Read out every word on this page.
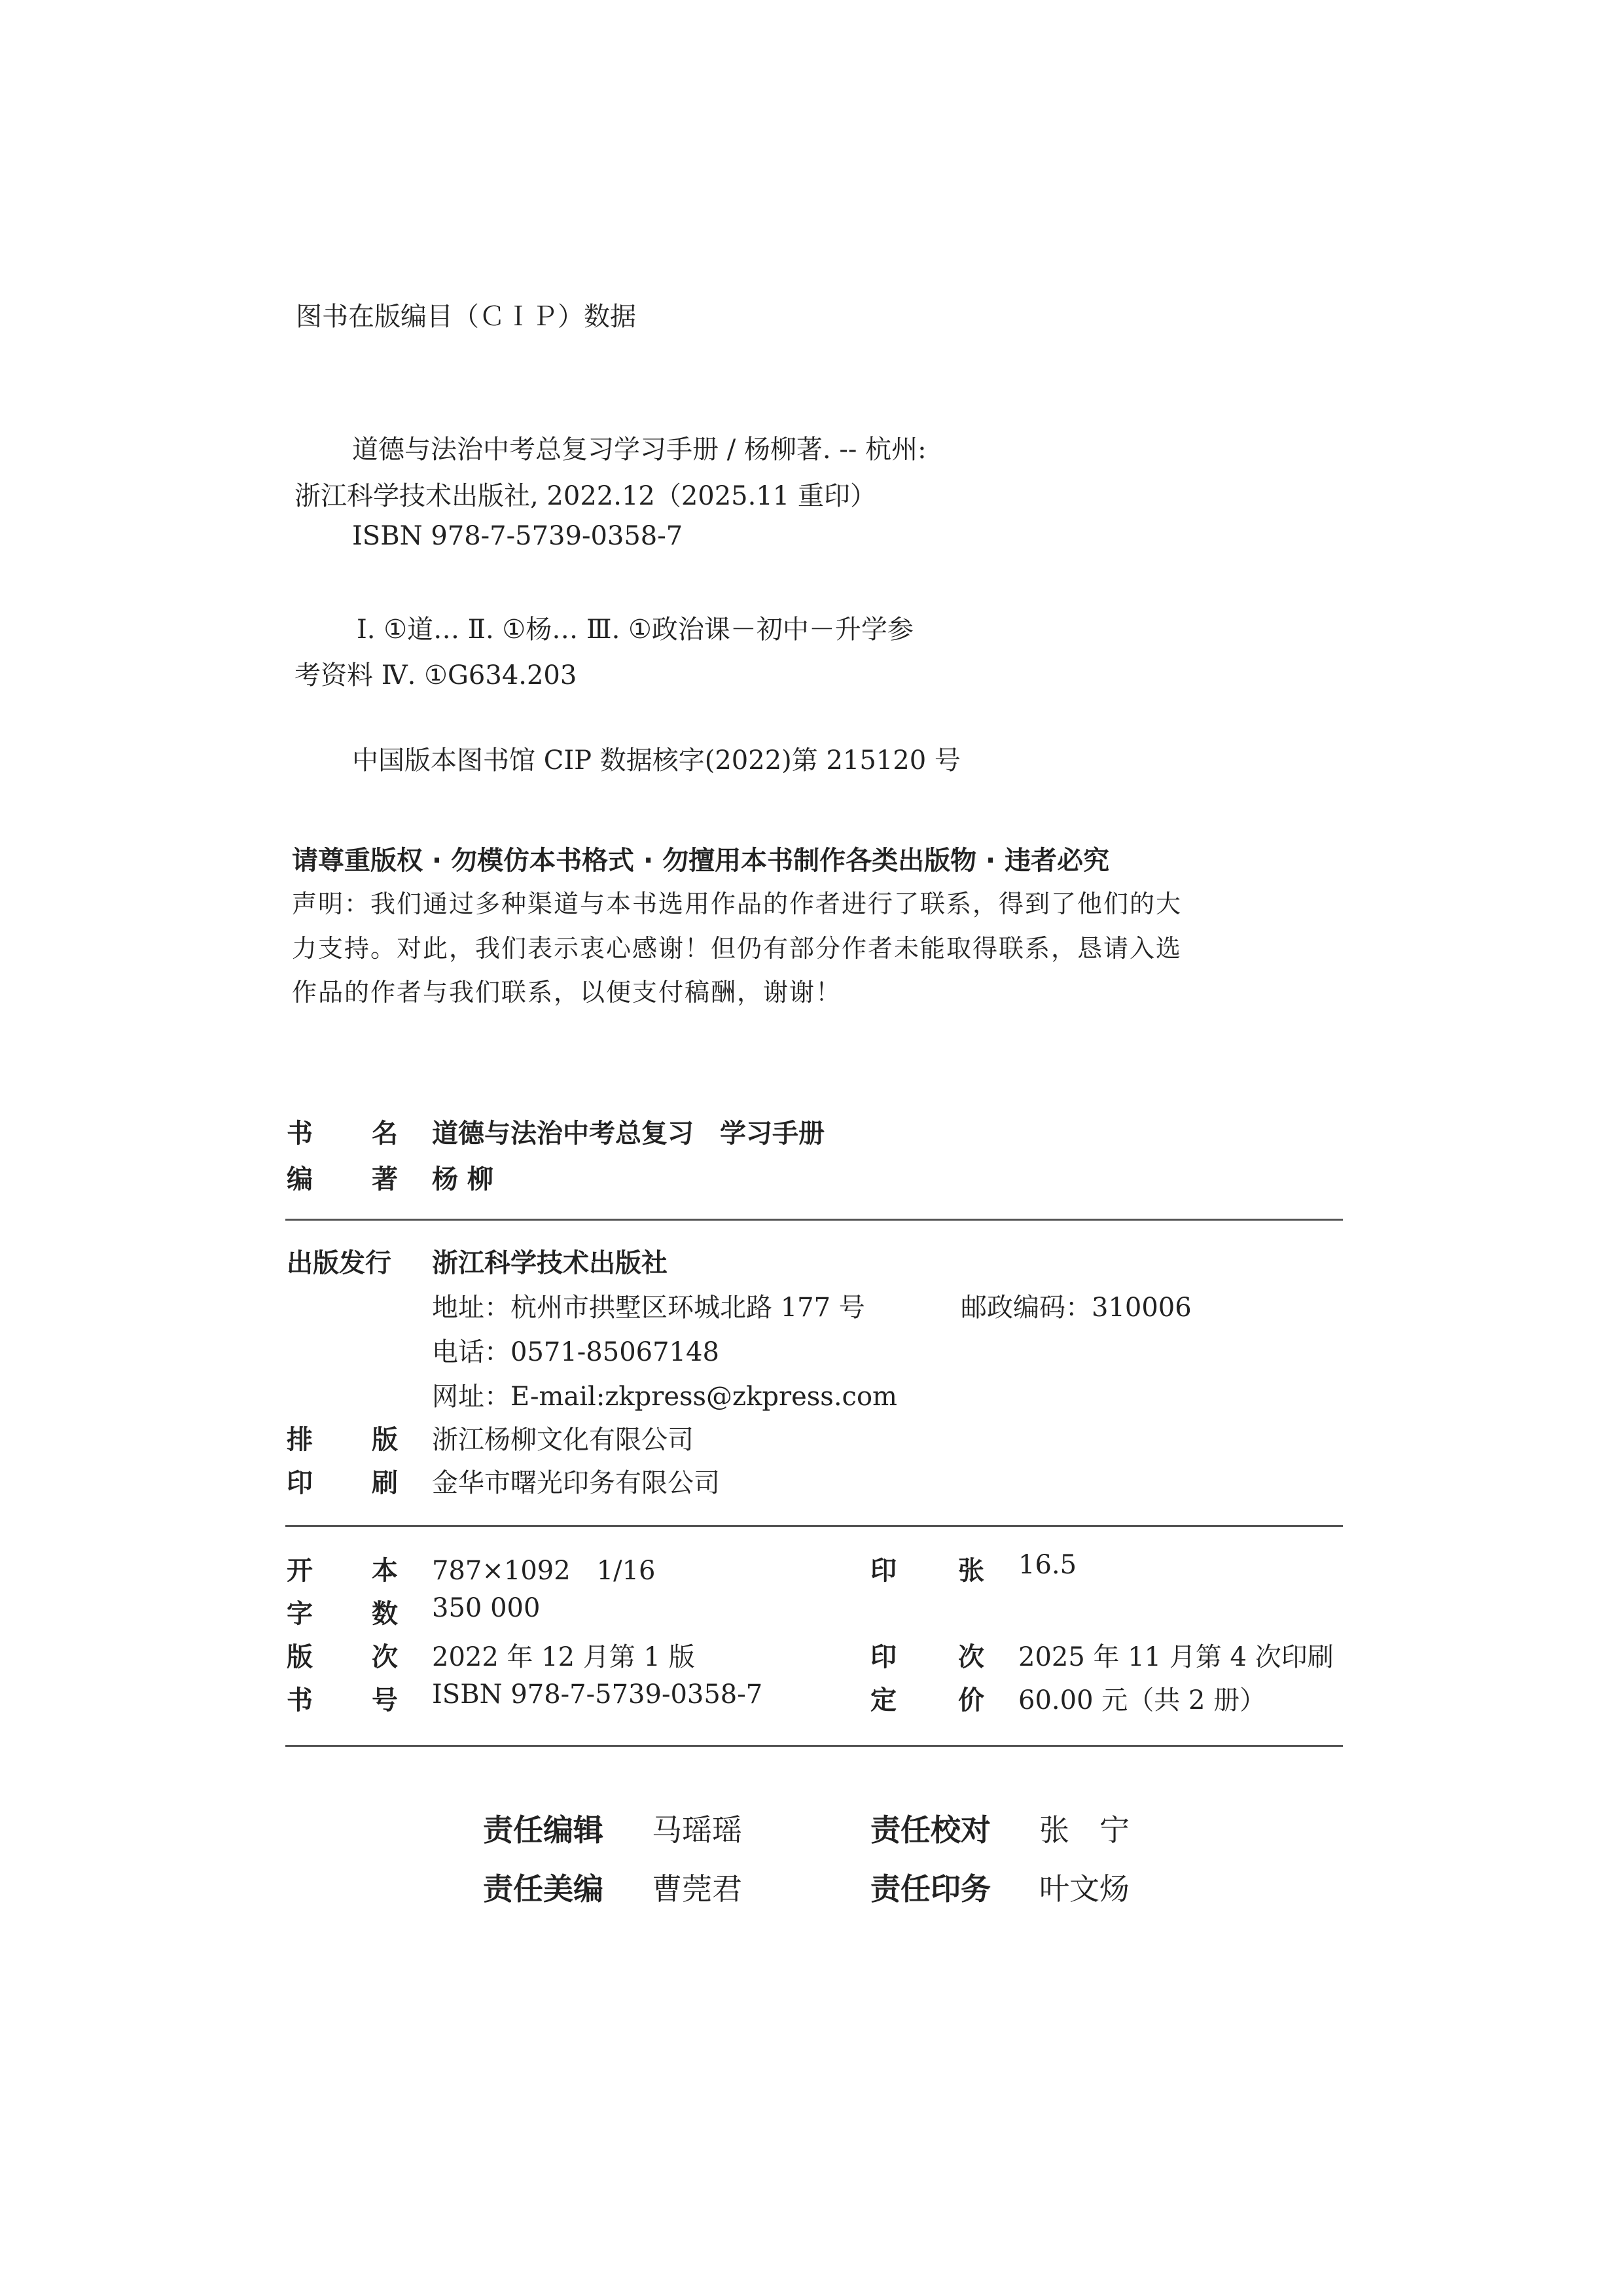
图书在版编目（ＣＩＰ）数据
道德与法治中考总复习学习手册 / 杨柳著. -- 杭州:
浙江科学技术出版社, 2022.12（2025.11 重印）
ISBN 978-7-5739-0358-7
Ⅰ. ①道… Ⅱ. ①杨… Ⅲ. ①政治课－初中－升学参
考资料 Ⅳ. ①G634.203
中国版本图书馆 CIP 数据核字(2022)第 215120 号
请尊重版权 · 勿模仿本书格式 · 勿擅用本书制作各类出版物 · 违者必究
声明：我们通过多种渠道与本书选用作品的作者进行了联系，得到了他们的大
力支持。对此，我们表示衷心感谢！但仍有部分作者未能取得联系，恳请入选
作品的作者与我们联系，以便支付稿酬，谢谢！
书 名 道德与法治中考总复习　学习手册
编 著 杨 柳
出版发行 浙江科学技术出版社
地址：杭州市拱墅区环城北路 177 号	邮政编码：310006
电话：0571-85067148
网址：E-mail:zkpress@zkpress.com
排 版 浙江杨柳文化有限公司
印 刷 金华市曙光印务有限公司
开 本 787×1092　1/16	印 张 16.5
字 数 350 000
版 次 2022 年 12 月第 1 版	印 次 2025 年 11 月第 4 次印刷
书 号 ISBN 978-7-5739-0358-7	定 价 60.00 元（共 2 册）
责任编辑 马瑶瑶	责任校对 张　宁
责任美编 曹莞君	责任印务 叶文炀
